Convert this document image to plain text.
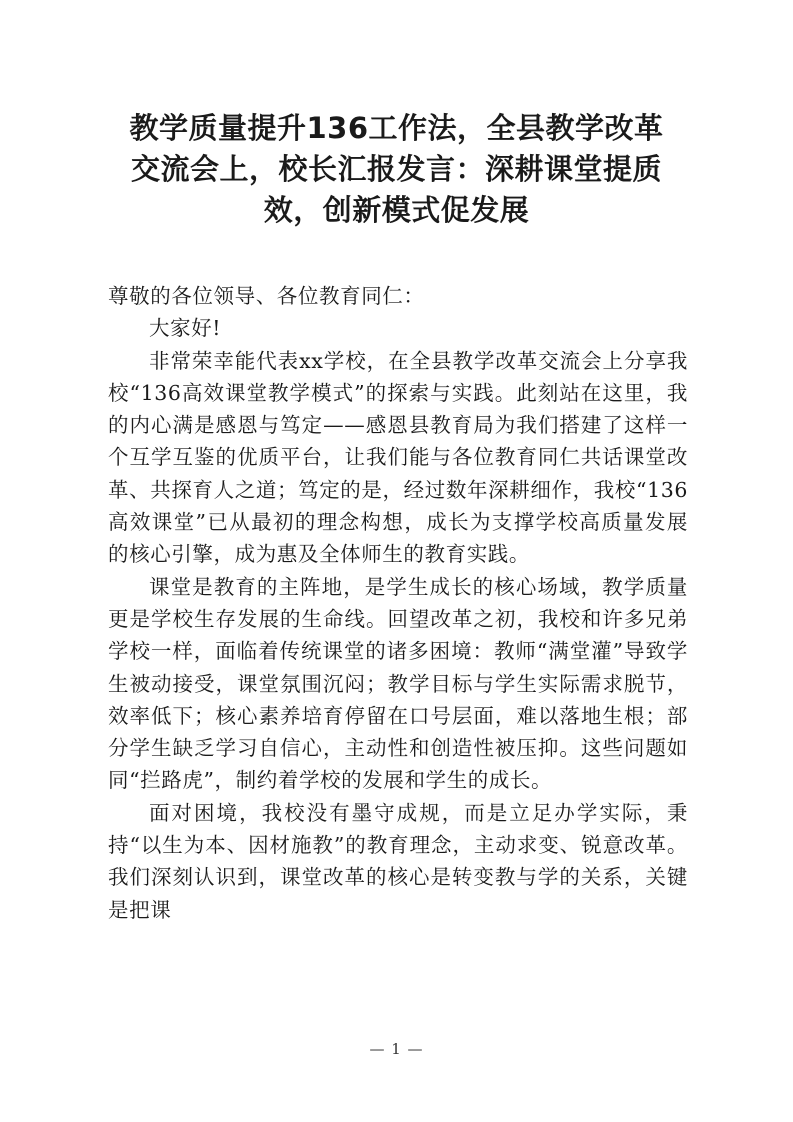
教学质量提升136工作法，全县教学改革
交流会上，校长汇报发言：深耕课堂提质
效，创新模式促发展

尊敬的各位领导、各位教育同仁：

大家好!

非常荣幸能代表xx学校，在全县教学改革交流会上分享我校“136高效课堂教学模式”的探索与实践。此刻站在这里，我的内心满是感恩与笃定——感恩县教育局为我们搭建了这样一个互学互鉴的优质平台，让我们能与各位教育同仁共话课堂改革、共探育人之道；笃定的是，经过数年深耕细作，我校“136高效课堂”已从最初的理念构想，成长为支撑学校高质量发展的核心引擎，成为惠及全体师生的教育实践。

课堂是教育的主阵地，是学生成长的核心场域，教学质量更是学校生存发展的生命线。回望改革之初，我校和许多兄弟学校一样，面临着传统课堂的诸多困境：教师“满堂灌”导致学生被动接受，课堂氛围沉闷；教学目标与学生实际需求脱节，效率低下；核心素养培育停留在口号层面，难以落地生根；部分学生缺乏学习自信心，主动性和创造性被压抑。这些问题如同“拦路虎”，制约着学校的发展和学生的成长。

面对困境，我校没有墨守成规，而是立足办学实际，秉持“以生为本、因材施教”的教育理念，主动求变、锐意改革。我们深刻认识到，课堂改革的核心是转变教与学的关系，关键是把课

— 1 —
